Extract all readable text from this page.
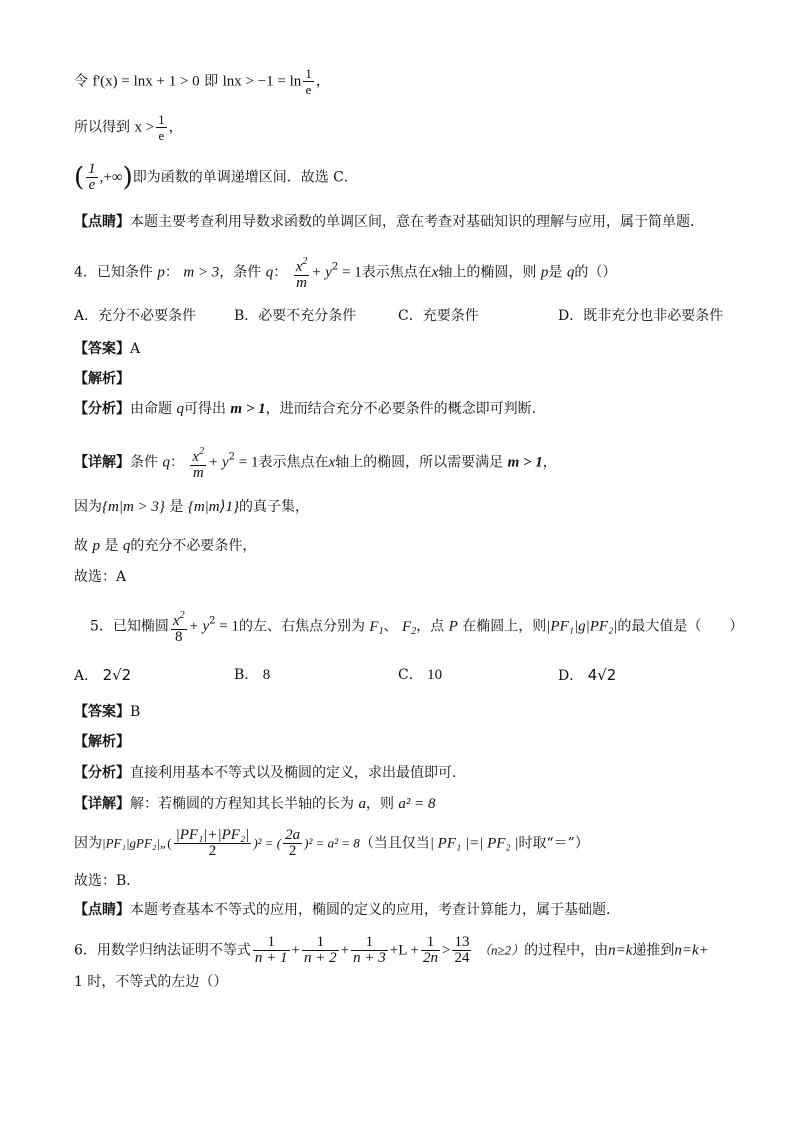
令 f'(x) = lnx + 1 > 0 即 $\ln x > -1 = \ln \frac{1}{e}$ ，
所以得到 $x > \frac{1}{e}$ ，
( $\frac{1}{e}$ ,+∞)即为函数的单调递增区间．故选 C．
【点睛】本题主要考查利用导数求函数的单调区间，意在考查对基础知识的理解与应用，属于简单题．
4．已知条件 p： m > 3，条件 q： $\frac{x^2}{m} + y^2 = 1$表示焦点在x轴上的椭圆，则 p是 q的（）
A．充分不必要条件	B．必要不充分条件	C．充要条件	D．既非充分也非必要条件
【答案】A
【解析】
【分析】由命题 q可得出 m > 1，进而结合充分不必要条件的概念即可判断.
【详解】条件 q： $\frac{x^2}{m} + y^2 = 1$表示焦点在x轴上的椭圆，所以需要满足 m > 1，
因为{m|m > 3} 是 {m|m⟩1}的真子集，
故 p 是 q的充分不必要条件，
故选：A
5．已知椭圆 $\frac{x^2}{8} + y^2 = 1$的左、右焦点分别为 $F_1$、 $F_2$，点 P 在椭圆上，则|PF₁|g|PF₂|的最大值是（　　）
A． 2√2	B． 8	C． 10	D． 4√2
【答案】B
【解析】
【分析】直接利用基本不等式以及椭圆的定义，求出最值即可．
【详解】解：若椭圆的方程知其长半轴的长为 a，则 a² = 8
因为|PF₁|gPF₂|„( $\frac{\text{|PF₁|+|PF₂|}}{2} )^2$ = ( $\frac{2a}{2} )^2 = a^2 = 8$（当且仅当| PF₁ |=| PF₂ |时取“＝”）
故选：B．
【点睛】本题考查基本不等式的应用，椭圆的定义的应用，考查计算能力，属于基础题．
6．用数学归纳法证明不等式 $\frac{1}{n + 1} + \frac{1}{n + 2} + \frac{1}{n + 3} +L + \frac{1}{2n} > \frac{13}{24} (n\ge 2)$的过程中，由n=k递推到n=k+
1 时，不等式的左边（）
